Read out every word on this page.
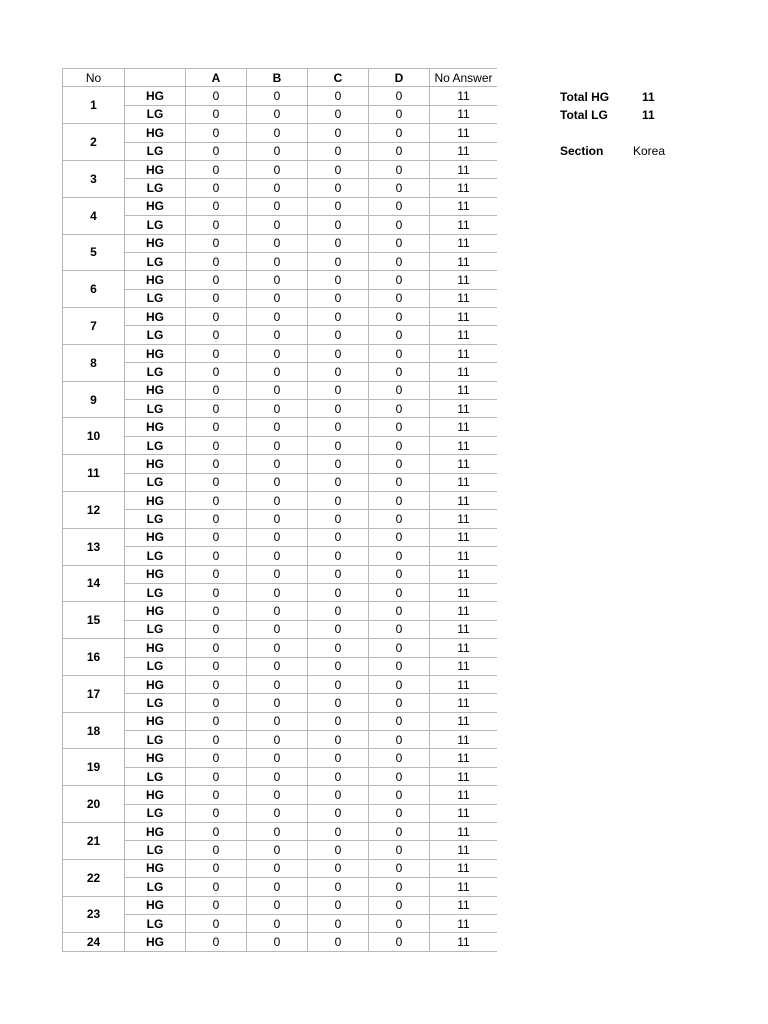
No		A	B	C	D	No Answer
1	HG	0	0	0	0	11
	LG	0	0	0	0	11
2	HG	0	0	0	0	11
	LG	0	0	0	0	11
3	HG	0	0	0	0	11
	LG	0	0	0	0	11
4	HG	0	0	0	0	11
	LG	0	0	0	0	11
5	HG	0	0	0	0	11
	LG	0	0	0	0	11
6	HG	0	0	0	0	11
	LG	0	0	0	0	11
7	HG	0	0	0	0	11
	LG	0	0	0	0	11
8	HG	0	0	0	0	11
	LG	0	0	0	0	11
9	HG	0	0	0	0	11
	LG	0	0	0	0	11
10	HG	0	0	0	0	11
	LG	0	0	0	0	11
11	HG	0	0	0	0	11
	LG	0	0	0	0	11
12	HG	0	0	0	0	11
	LG	0	0	0	0	11
13	HG	0	0	0	0	11
	LG	0	0	0	0	11
14	HG	0	0	0	0	11
	LG	0	0	0	0	11
15	HG	0	0	0	0	11
	LG	0	0	0	0	11
16	HG	0	0	0	0	11
	LG	0	0	0	0	11
17	HG	0	0	0	0	11
	LG	0	0	0	0	11
18	HG	0	0	0	0	11
	LG	0	0	0	0	11
19	HG	0	0	0	0	11
	LG	0	0	0	0	11
20	HG	0	0	0	0	11
	LG	0	0	0	0	11
21	HG	0	0	0	0	11
	LG	0	0	0	0	11
22	HG	0	0	0	0	11
	LG	0	0	0	0	11
23	HG	0	0	0	0	11
	LG	0	0	0	0	11
24	HG	0	0	0	0	11
Total HG	11
Total LG	11
Section Korea
